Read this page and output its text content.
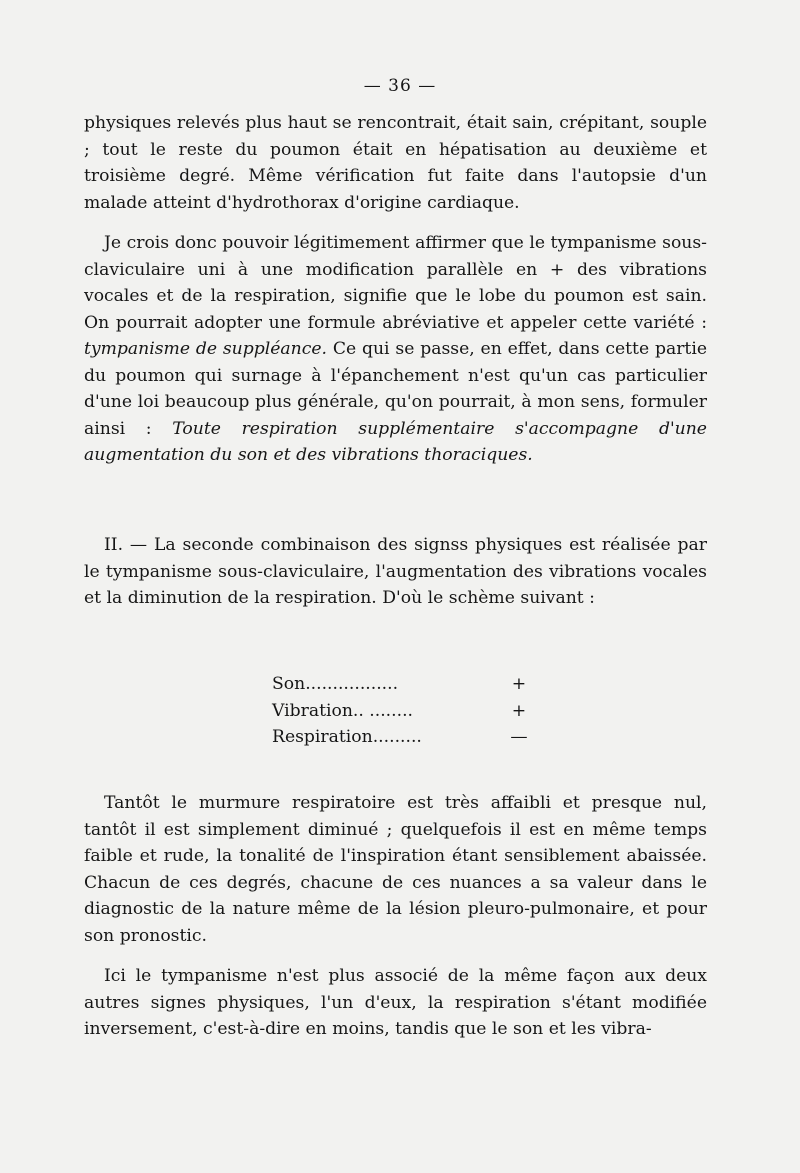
— 36 —

physiques relevés plus haut se rencontrait, était sain, crépitant, souple ; tout le reste du poumon était en hépatisation au deuxième et troisième degré. Même vérification fut faite dans l'autopsie d'un malade atteint d'hydrothorax d'origine cardiaque.

Je crois donc pouvoir légitimement affirmer que le tympanisme sous-claviculaire uni à une modification parallèle en + des vibrations vocales et de la respiration, signifie que le lobe du poumon est sain. On pourrait adopter une formule abréviative et appeler cette variété : tympanisme de suppléance. Ce qui se passe, en effet, dans cette partie du poumon qui surnage à l'épanchement n'est qu'un cas particulier d'une loi beaucoup plus générale, qu'on pourrait, à mon sens, formuler ainsi : Toute respiration supplémentaire s'accompagne d'une augmentation du son et des vibrations thoraciques.

II. — La seconde combinaison des signss physiques est réalisée par le tympanisme sous-claviculaire, l'augmentation des vibrations vocales et la diminution de la respiration. D'où le schème suivant :

Son.................	+
Vibration.. ........	+
Respiration.........	—

Tantôt le murmure respiratoire est très affaibli et presque nul, tantôt il est simplement diminué ; quelquefois il est en même temps faible et rude, la tonalité de l'inspiration étant sensiblement abaissée. Chacun de ces degrés, chacune de ces nuances a sa valeur dans le diagnostic de la nature même de la lésion pleuro-pulmonaire, et pour son pronostic.

Ici le tympanisme n'est plus associé de la même façon aux deux autres signes physiques, l'un d'eux, la respiration s'étant modifiée inversement, c'est-à-dire en moins, tandis que le son et les vibra-
